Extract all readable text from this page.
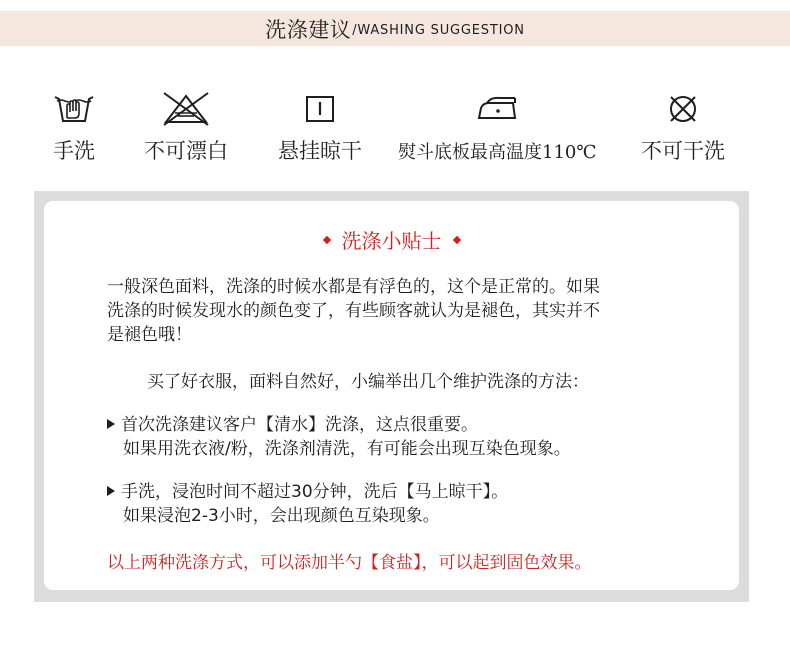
洗涤建议 /WASHING SUGGESTION
手洗 不可漂白 悬挂晾干 熨斗底板最高温度110℃ 不可干洗
洗涤小贴士
一般深色面料，洗涤的时候水都是有浮色的，这个是正常的。如果
洗涤的时候发现水的颜色变了，有些顾客就认为是褪色，其实并不
是褪色哦！
买了好衣服，面料自然好，小编举出几个维护洗涤的方法：
首次洗涤建议客户【清水】洗涤，这点很重要。
如果用洗衣液/粉，洗涤剂清洗，有可能会出现互染色现象。
手洗，浸泡时间不超过30分钟，洗后【马上晾干】。
如果浸泡2-3小时，会出现颜色互染现象。
以上两种洗涤方式，可以添加半勺【食盐】，可以起到固色效果。
